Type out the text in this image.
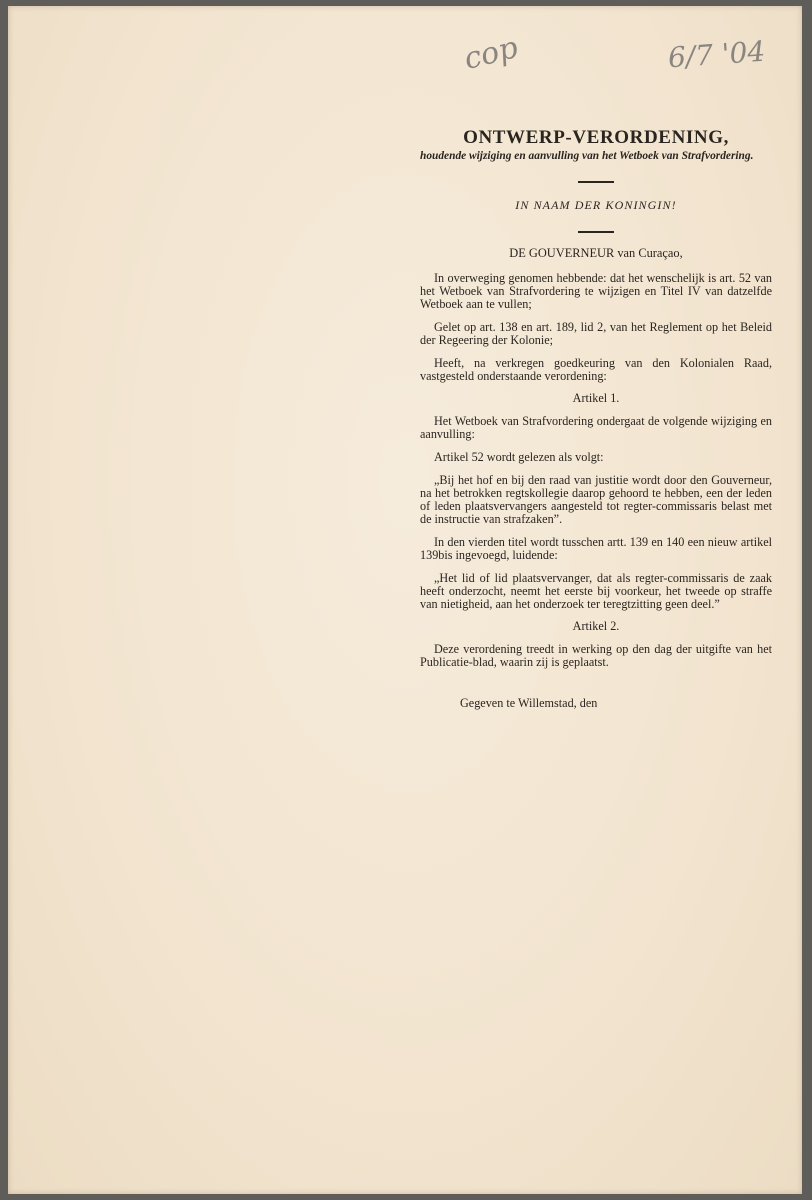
cop	6/7 '04
ONTWERP-VERORDENING,
houdende wijziging en aanvulling van het Wetboek van Strafvordering.
IN NAAM DER KONINGIN!
DE GOUVERNEUR van Curaçao,

In overweging genomen hebbende: dat het wenschelijk is art. 52 van het Wetboek van Strafvordering te wijzigen en Titel IV van datzelfde Wetboek aan te vullen;

Gelet op art. 138 en art. 189, lid 2, van het Reglement op het Beleid der Regeering der Kolonie;

Heeft, na verkregen goedkeuring van den Kolonialen Raad, vastgesteld onderstaande verordening:

Artikel 1.

Het Wetboek van Strafvordering ondergaat de volgende wijziging en aanvulling:

Artikel 52 wordt gelezen als volgt:

„Bij het hof en bij den raad van justitie wordt door den Gouverneur, na het betrokken regtskollegie daarop gehoord te hebben, een der leden of leden plaatsvervangers aangesteld tot regter-commissaris belast met de instructie van strafzaken”.

In den vierden titel wordt tusschen artt. 139 en 140 een nieuw artikel 139bis ingevoegd, luidende:

„Het lid of lid plaatsvervanger, dat als regter-commissaris de zaak heeft onderzocht, neemt het eerste bij voorkeur, het tweede op straffe van nietigheid, aan het onderzoek ter teregtzitting geen deel.”

Artikel 2.

Deze verordening treedt in werking op den dag der uitgifte van het Publicatie-blad, waarin zij is geplaatst.

Gegeven te Willemstad, den
